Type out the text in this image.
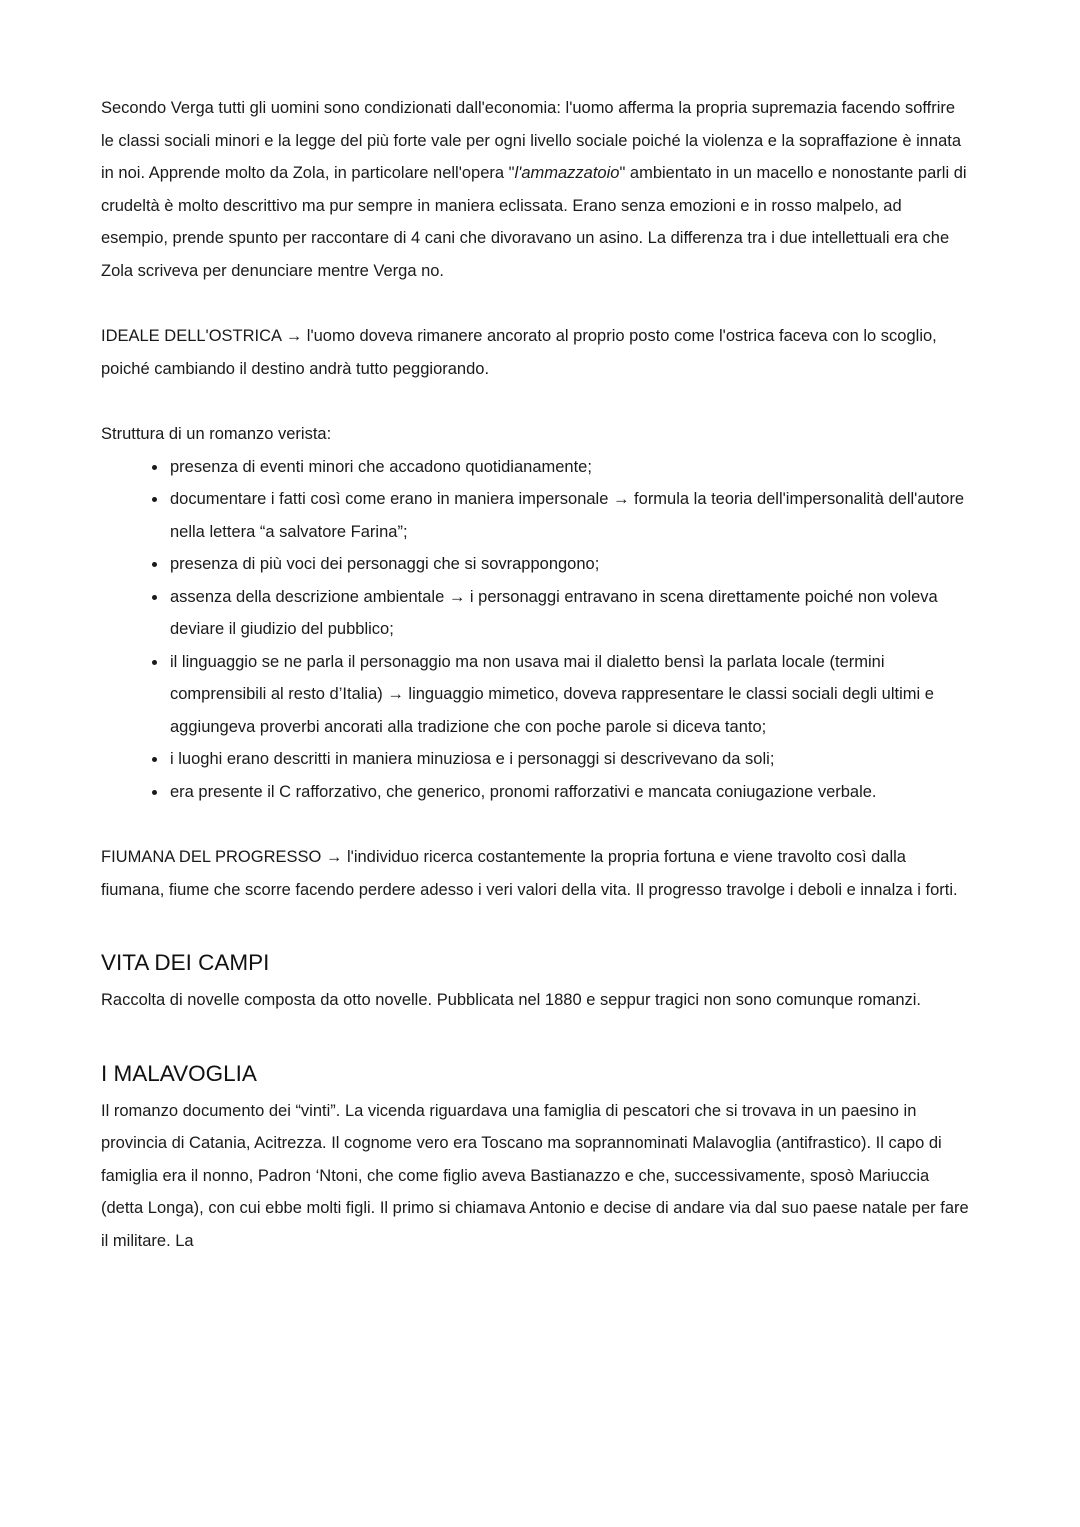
Secondo Verga tutti gli uomini sono condizionati dall'economia: l'uomo afferma la propria supremazia facendo soffrire le classi sociali minori e la legge del più forte vale per ogni livello sociale poiché la violenza e la sopraffazione è innata in noi. Apprende molto da Zola, in particolare nell'opera "l'ammazzatoio" ambientato in un macello e nonostante parli di crudeltà è molto descrittivo ma pur sempre in maniera eclissata. Erano senza emozioni e in rosso malpelo, ad esempio, prende spunto per raccontare di 4 cani che divoravano un asino. La differenza tra i due intellettuali era che Zola scriveva per denunciare mentre Verga no.

IDEALE DELL'OSTRICA → l'uomo doveva rimanere ancorato al proprio posto come l'ostrica faceva con lo scoglio, poiché cambiando il destino andrà tutto peggiorando.

Struttura di un romanzo verista:

• presenza di eventi minori che accadono quotidianamente;
• documentare i fatti così come erano in maniera impersonale → formula la teoria dell'impersonalità dell'autore nella lettera “a salvatore Farina”;
• presenza di più voci dei personaggi che si sovrappongono;
• assenza della descrizione ambientale → i personaggi entravano in scena direttamente poiché non voleva deviare il giudizio del pubblico;
• il linguaggio se ne parla il personaggio ma non usava mai il dialetto bensì la parlata locale (termini comprensibili al resto d’Italia) → linguaggio mimetico, doveva rappresentare le classi sociali degli ultimi e aggiungeva proverbi ancorati alla tradizione che con poche parole si diceva tanto;
• i luoghi erano descritti in maniera minuziosa e i personaggi si descrivevano da soli;
• era presente il C rafforzativo, che generico, pronomi rafforzativi e mancata coniugazione verbale.

FIUMANA DEL PROGRESSO → l'individuo ricerca costantemente la propria fortuna e viene travolto così dalla fiumana, fiume che scorre facendo perdere adesso i veri valori della vita. Il progresso travolge i deboli e innalza i forti.

VITA DEI CAMPI

Raccolta di novelle composta da otto novelle. Pubblicata nel 1880 e seppur tragici non sono comunque romanzi.

I MALAVOGLIA

Il romanzo documento dei “vinti”. La vicenda riguardava una famiglia di pescatori che si trovava in un paesino in provincia di Catania, Acitrezza. Il cognome vero era Toscano ma soprannominati Malavoglia (antifrastico). Il capo di famiglia era il nonno, Padron ‘Ntoni, che come figlio aveva Bastianazzo e che, successivamente, sposò Mariuccia (detta Longa), con cui ebbe molti figli. Il primo si chiamava Antonio e decise di andare via dal suo paese natale per fare il militare. La
